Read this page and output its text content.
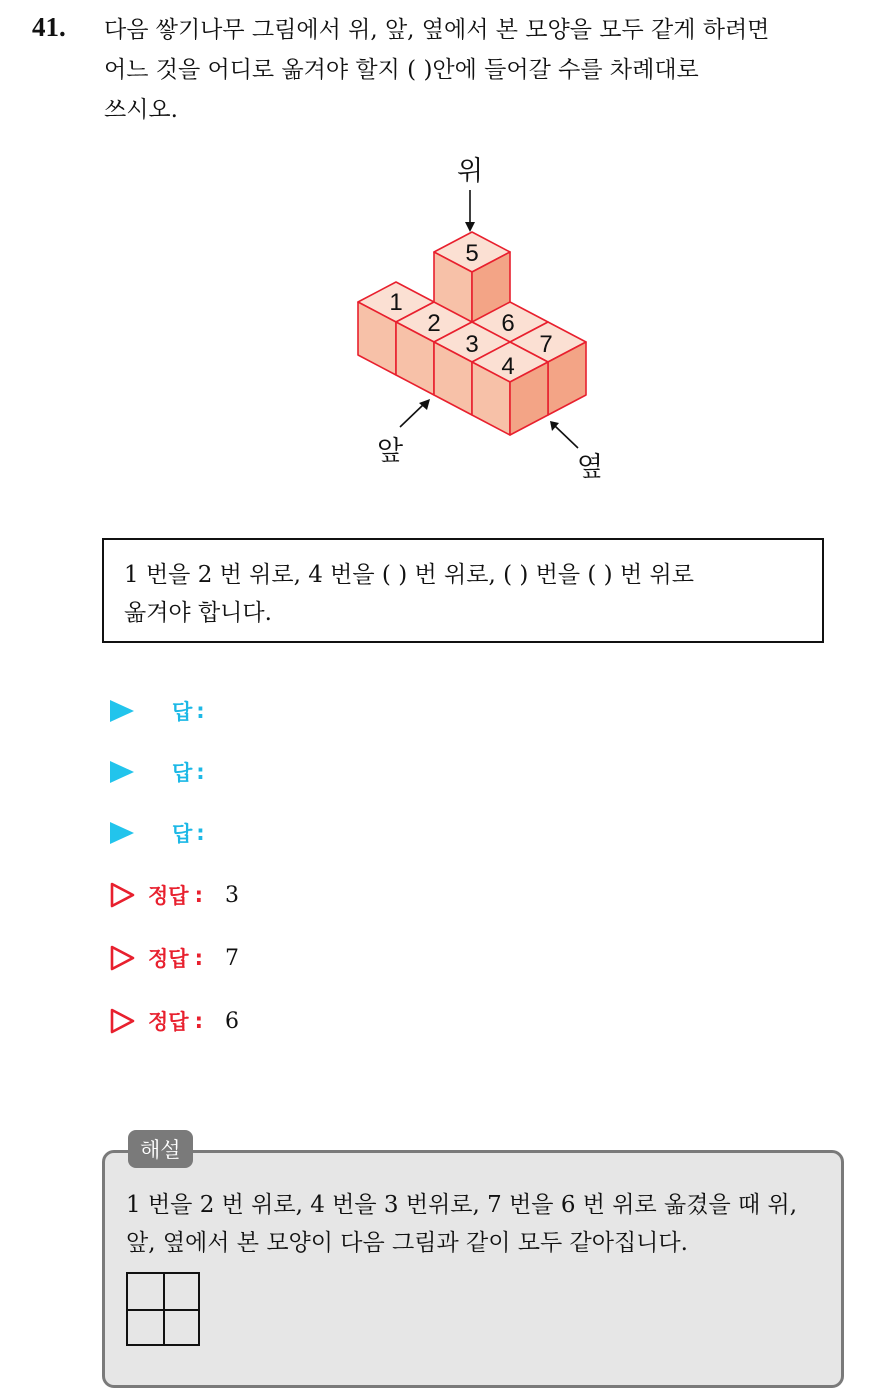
41. 다음 쌓기나무 그림에서 위, 앞, 옆에서 본 모양을 모두 같게 하려면
어느 것을 어디로 옮겨야 할지 ( )안에 들어갈 수를 차례대로
쓰시오.
1
2
3
4
5
6
7
위
앞
옆
1 번을 2 번 위로, 4 번을 ( ) 번 위로, ( ) 번을 ( ) 번 위로
옮겨야 합니다.
답 :
답 :
답 :
정답 : 3
정답 : 7
정답 : 6
해설
1 번을 2 번 위로, 4 번을 3 번위로, 7 번을 6 번 위로 옮겼을 때 위,
앞, 옆에서 본 모양이 다음 그림과 같이 모두 같아집니다.
